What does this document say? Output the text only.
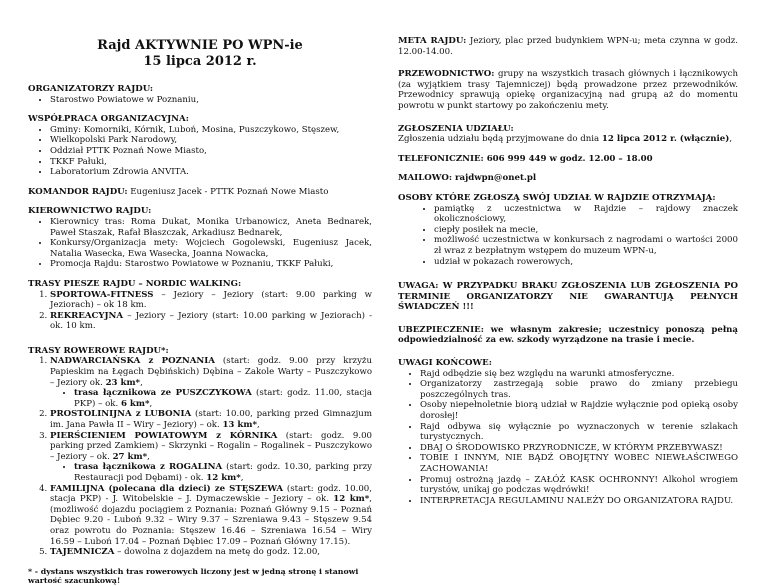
Rajd AKTYWNIE PO WPN-ie
15 lipca 2012 r.
ORGANIZATORZY RAJDU:
• Starostwo Powiatowe w Poznaniu,
WSPÓŁPRACA ORGANIZACYJNA:
• Gminy: Komorniki, Kórnik, Luboń, Mosina, Puszczykowo, Stęszew,
• Wielkopolski Park Narodowy,
• Oddział PTTK Poznań Nowe Miasto,
• TKKF Pałuki,
• Laboratorium Zdrowia ANVITA.

KOMANDOR RAJDU: Eugeniusz Jacek - PTTK Poznań Nowe Miasto

KIEROWNICTWO RAJDU:
• Kierownicy tras: Roma Dukat, Monika Urbanowicz, Aneta Bednarek, Paweł Staszak, Rafał Błaszczak, Arkadiusz Bednarek,
• Konkursy/Organizacja mety: Wojciech Gogolewski, Eugeniusz Jacek, Natalia Wasecka, Ewa Wasecka, Joanna Nowacka,
• Promocja Rajdu: Starostwo Powiatowe w Poznaniu, TKKF Pałuki,
TRASY PIESZE RAJDU – NORDIC WALKING:
1. SPORTOWA-FITNESS – Jeziory – Jeziory (start: 9.00 parking w Jeziorach) – ok 18 km.
2. REKREACYJNA – Jeziory – Jeziory (start: 10.00 parking w Jeziorach) - ok. 10 km.
TRASY ROWEROWE RAJDU*:
1. NADWARCIAŃSKA z POZNANIA (start: godz. 9.00 przy krzyżu Papieskim na Łęgach Dębińskich) Dębina – Zakole Warty – Puszczykowo – Jeziory ok. 23 km*,
• trasa łącznikowa ze PUSZCZYKOWA (start: godz. 11.00, stacja PKP) – ok. 6 km*,
2. PROSTOLINIJNA z LUBONIA (start: 10.00, parking przed Gimnazjum im. Jana Pawła II – Wiry – Jeziory) – ok. 13 km*,
3. PIERŚCIENIEM POWIATOWYM z KÓRNIKA (start: godz. 9.00 parking przed Zamkiem) – Skrzynki – Rogalin – Rogalinek – Puszczykowo – Jeziory – ok. 27 km*,
• trasa łącznikowa z ROGALINA (start: godz. 10.30, parking przy Restauracji pod Dębami) - ok. 12 km*,
4. FAMILIJNA (polecana dla dzieci) ze STĘSZEWA (start: godz. 10.00, stacja PKP) - J. Witobelskie – J. Dymaczewskie – Jeziory – ok. 12 km*, (możliwość dojazdu pociągiem z Poznania: Poznań Główny 9.15 – Poznań Dębiec 9.20 - Luboń 9.32 – Wiry 9.37 – Szreniawa 9.43 – Stęszew 9.54 oraz powrotu do Poznania: Stęszew 16.46 – Szreniawa 16.54 – Wiry 16.59 – Luboń 17.04 – Poznań Dębiec 17.09 – Poznań Główny 17.15).
5. TAJEMNICZA – dowolna z dojazdem na metę do godz. 12.00,

* - dystans wszystkich tras rowerowych liczony jest w jedną stronę i stanowi wartość szacunkową!

META RAJDU: Jeziory, plac przed budynkiem WPN-u; meta czynna w godz. 12.00-14.00.

PRZEWODNICTWO: grupy na wszystkich trasach głównych i łącznikowych (za wyjątkiem trasy Tajemniczej) będą prowadzone przez przewodników. Przewodnicy sprawują opiekę organizacyjną nad grupą aż do momentu powrotu w punkt startowy po zakończeniu mety.

ZGŁOSZENIA UDZIAŁU:

Zgłoszenia udziału będą przyjmowane do dnia 12 lipca 2012 r. (włącznie),

TELEFONICZNIE: 606 999 449 w godz. 12.00 – 18.00
MAILOWO: rajdwpn@onet.pl
OSOBY KTÓRE ZGŁOSZĄ SWÓJ UDZIAŁ W RAJDZIE OTRZYMAJĄ:
• pamiątkę z uczestnictwa w Rajdzie – rajdowy znaczek okolicznościowy,
• ciepły posiłek na mecie,
• możliwość uczestnictwa w konkursach z nagrodami o wartości 2000 zł wraz z bezpłatnym wstępem do muzeum WPN-u,
• udział w pokazach rowerowych,
UWAGA: W PRZYPADKU BRAKU ZGŁOSZENIA LUB ZGŁOSZENIA PO TERMINIE ORGANIZATORZY NIE GWARANTUJĄ PEŁNYCH ŚWIADCZEŃ !!!
UBEZPIECZENIE: we własnym zakresie; uczestnicy ponoszą pełną odpowiedzialność za ew. szkody wyrządzone na trasie i mecie.
UWAGI KOŃCOWE:
• Rajd odbędzie się bez względu na warunki atmosferyczne.
• Organizatorzy zastrzegają sobie prawo do zmiany przebiegu poszczególnych tras.
• Osoby niepełnoletnie biorą udział w Rajdzie wyłącznie pod opieką osoby dorosłej!
• Rajd odbywa się wyłącznie po wyznaczonych w terenie szlakach turystycznych.
• DBAJ O ŚRODOWISKO PRZYRODNICZE, W KTÓRYM PRZEBYWASZ!
• TOBIE I INNYM, NIE BĄDŹ OBOJĘTNY WOBEC NIEWŁAŚCIWEGO ZACHOWANIA!
• Promuj ostrożną jazdę – ZAŁÓŻ KASK OCHRONNY! Alkohol wrogiem turystów, unikaj go podczas wędrówki!
• INTERPRETACJA REGULAMINU NALEŻY DO ORGANIZATORA RAJDU.
